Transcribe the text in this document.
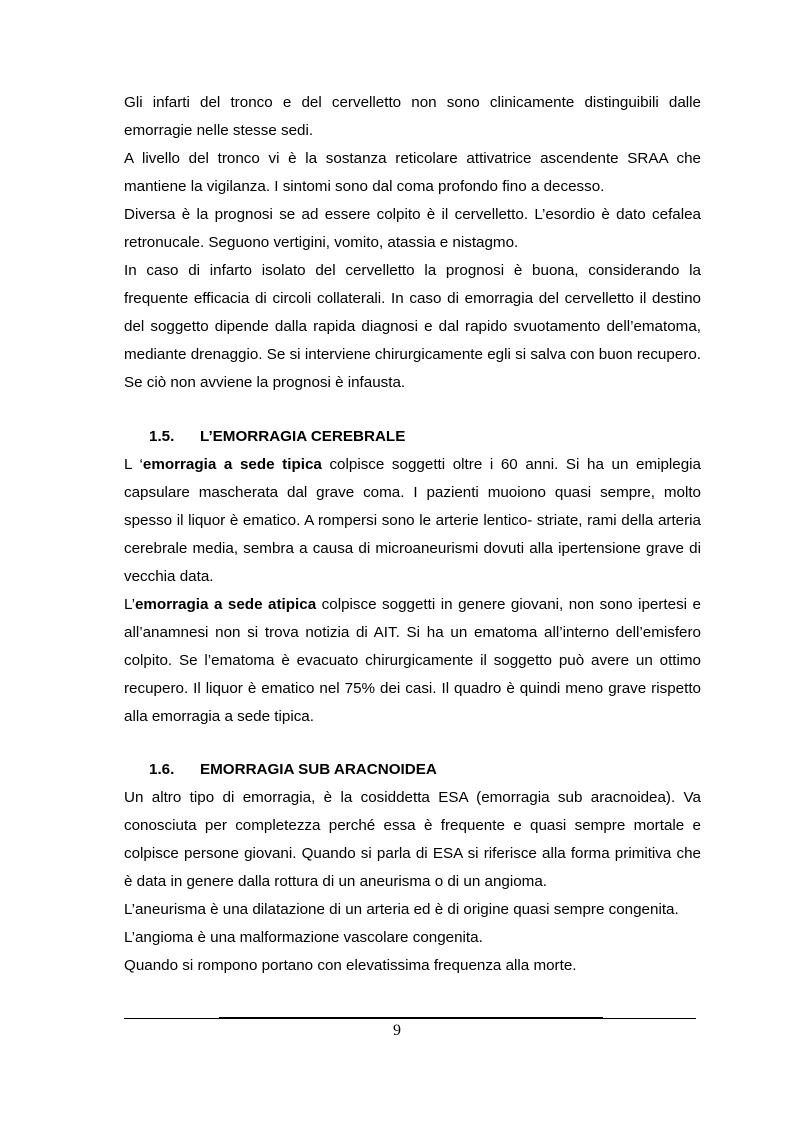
Gli infarti del tronco e del cervelletto non sono clinicamente distinguibili dalle emorragie nelle stesse sedi.

A livello del tronco vi è la sostanza reticolare attivatrice ascendente SRAA che mantiene la vigilanza. I sintomi sono dal coma profondo fino a decesso.

Diversa è la prognosi se ad essere colpito è il cervelletto. L’esordio è dato cefalea retronucale. Seguono vertigini, vomito, atassia e nistagmo.

In caso di infarto isolato del cervelletto la prognosi è buona, considerando la frequente efficacia di circoli collaterali. In caso di emorragia del cervelletto il destino del soggetto dipende dalla rapida diagnosi e dal rapido svuotamento dell’ematoma, mediante drenaggio. Se si interviene chirurgicamente egli si salva con buon recupero. Se ciò non avviene la prognosi è infausta.

1.5.	L’EMORRAGIA CEREBRALE

L ‘emorragia a sede tipica colpisce soggetti oltre i 60 anni. Si ha un emiplegia capsulare mascherata dal grave coma. I pazienti muoiono quasi sempre, molto spesso il liquor è ematico. A rompersi sono le arterie lentico- striate, rami della arteria cerebrale media, sembra a causa di microaneurismi dovuti alla ipertensione grave di vecchia data.

L’emorragia a sede atipica colpisce soggetti in genere giovani, non sono ipertesi e all’anamnesi non si trova notizia di AIT. Si ha un ematoma all’interno dell’emisfero colpito. Se l’ematoma è evacuato chirurgicamente il soggetto può avere un ottimo recupero. Il liquor è ematico nel 75% dei casi. Il quadro è quindi meno grave rispetto alla emorragia a sede tipica.

1.6.	EMORRAGIA SUB ARACNOIDEA

Un altro tipo di emorragia, è la cosiddetta ESA (emorragia sub aracnoidea). Va conosciuta per completezza perché essa è frequente e quasi sempre mortale e colpisce persone giovani. Quando si parla di ESA si riferisce alla forma primitiva che è data in genere dalla rottura di un aneurisma o di un angioma.

L’aneurisma è una dilatazione di un arteria ed è di origine quasi sempre congenita.

L’angioma è una malformazione vascolare congenita.

Quando si rompono portano con elevatissima frequenza alla morte.

9
